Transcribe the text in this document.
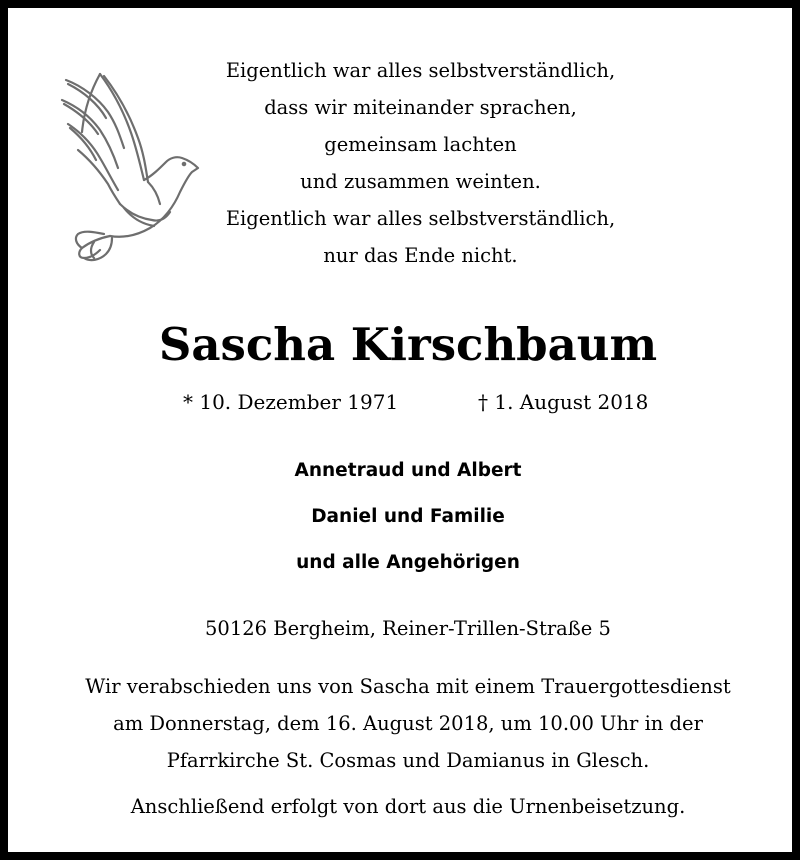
Eigentlich war alles selbstverständlich,
dass wir miteinander sprachen,
gemeinsam lachten
und zusammen weinten.
Eigentlich war alles selbstverständlich,
nur das Ende nicht.
Sascha Kirschbaum
* 10. Dezember 1971	† 1. August 2018
Annetraud und Albert
Daniel und Familie
und alle Angehörigen
50126 Bergheim, Reiner-Trillen-Straße 5
Wir verabschieden uns von Sascha mit einem Trauergottesdienst
am Donnerstag, dem 16. August 2018, um 10.00 Uhr in der
Pfarrkirche St. Cosmas und Damianus in Glesch.
Anschließend erfolgt von dort aus die Urnenbeisetzung.
